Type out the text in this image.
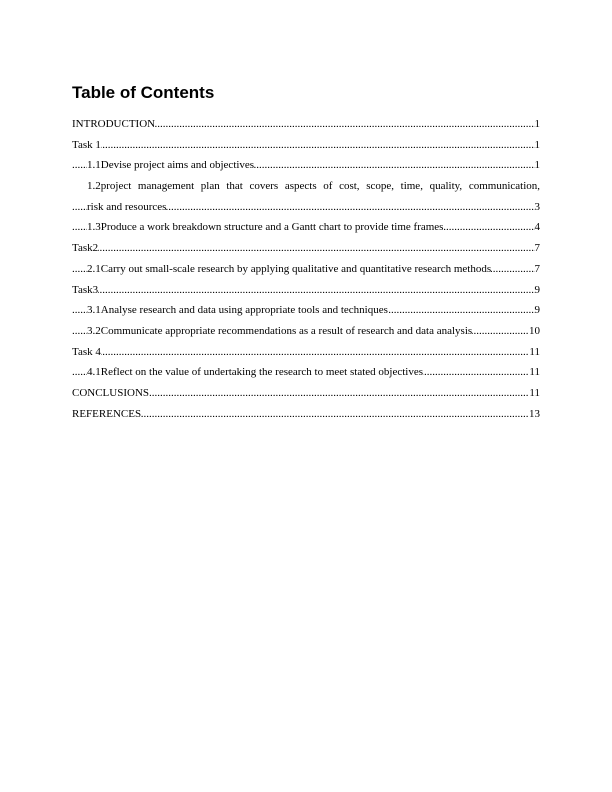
Table of Contents
..... INTRODUCTION	1
..... Task 1	1
..... 1.1Devise project aims and objectives	1
1.2project management plan that covers aspects of cost, scope, time, quality, communication,
..... risk and resources	3
..... 1.3Produce a work breakdown structure and a Gantt chart to provide time frames	4
..... Task2	7
..... 2.1Carry out small-scale research by applying qualitative and quantitative research methods	7
..... Task3	9
..... 3.1Analyse research and data using appropriate tools and techniques	9
..... 3.2Communicate appropriate recommendations as a result of research and data analysis	10
..... Task 4	11
..... 4.1Reflect on the value of undertaking the research to meet stated objectives	11
..... CONCLUSIONS	11
..... REFERENCES	13
